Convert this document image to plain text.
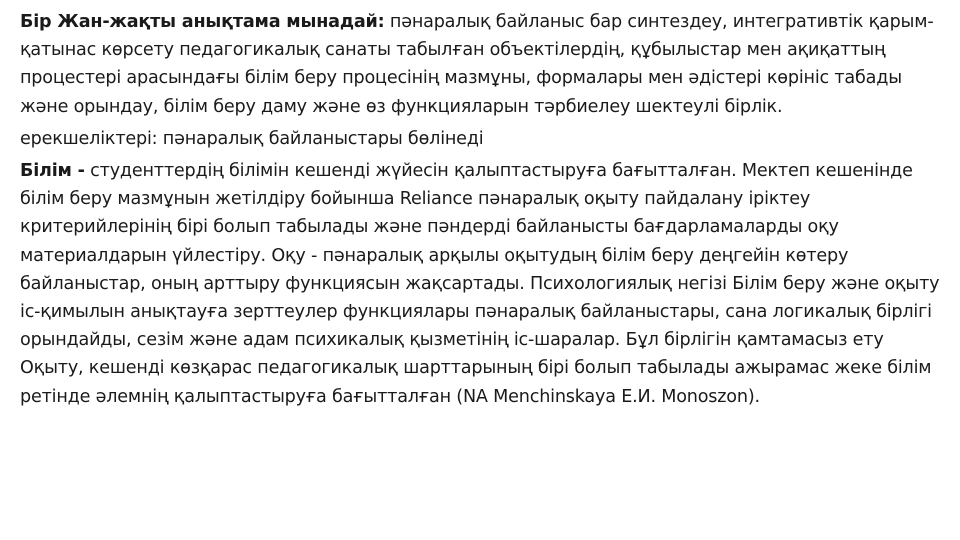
Бір Жан-жақты анықтама мынадай: пәнаралық байланыс бар синтездеу, интегративтік қарым-қатынас көрсету педагогикалық санаты табылған объектілердің, құбылыстар мен ақиқаттың процестері арасындағы білім беру процесінің мазмұны, формалары мен әдістері көрініс табады және орындау, білім беру даму және өз функцияларын тәрбиелеу шектеулі бірлік.

ерекшеліктері: пәнаралық байланыстары бөлінеді

Білім - студенттердің білімін кешенді жүйесін қалыптастыруға бағытталған. Мектеп кешенінде білім беру мазмұнын жетілдіру бойынша Reliance пәнаралық оқыту пайдалану іріктеу критерийлерінің бірі болып табылады және пәндерді байланысты бағдарламаларды оқу материалдарын үйлестіру. Оқу - пәнаралық арқылы оқытудың білім беру деңгейін көтеру байланыстар, оның арттыру функциясын жақсартады. Психологиялық негізі Білім беру және оқыту іс-қимылын анықтауға зерттеулер функциялары пәнаралық байланыстары, сана логикалық бірлігі орындайды, сезім және адам психикалық қызметінің іс-шаралар. Бұл бірлігін қамтамасыз ету Оқыту, кешенді көзқарас педагогикалық шарттарының бірі болып табылады ажырамас жеке білім ретінде әлемнің қалыптастыруға бағытталған (NA Menchinskaya Е.И. Monoszon).
